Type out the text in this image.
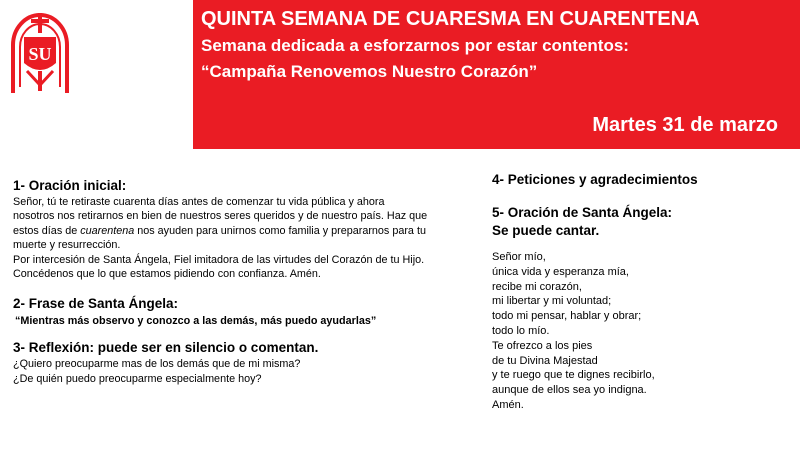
SU
QUINTA SEMANA DE CUARESMA EN CUARENTENA
Semana dedicada a esforzarnos por estar contentos:
“Campaña Renovemos Nuestro Corazón”
Martes 31 de marzo
1- Oración inicial:
Señor, tú te retiraste cuarenta días antes de comenzar tu vida pública y ahora
nosotros nos retirarnos en bien de nuestros seres queridos y de nuestro país. Haz que
estos días de cuarentena nos ayuden para unirnos como familia y prepararnos para tu
muerte y resurrección.
Por intercesión de Santa Ángela, Fiel imitadora de las virtudes del Corazón de tu Hijo.
Concédenos que lo que estamos pidiendo con confianza. Amén.
2- Frase de Santa Ángela:
“Mientras más observo y conozco a las demás, más puedo ayudarlas”
3- Reflexión: puede ser en silencio o comentan.
¿Quiero preocuparme mas de los demás que de mi misma?
¿De quién puedo preocuparme especialmente hoy?
4- Peticiones y agradecimientos
5- Oración de Santa Ángela:
Se puede cantar.
Señor mío,
única vida y esperanza mía,
recibe mi corazón,
mi libertar y mi voluntad;
todo mi pensar, hablar y obrar;
todo lo mío.
Te ofrezco a los pies
de tu Divina Majestad
y te ruego que te dignes recibirlo,
aunque de ellos sea yo indigna.
Amén.
